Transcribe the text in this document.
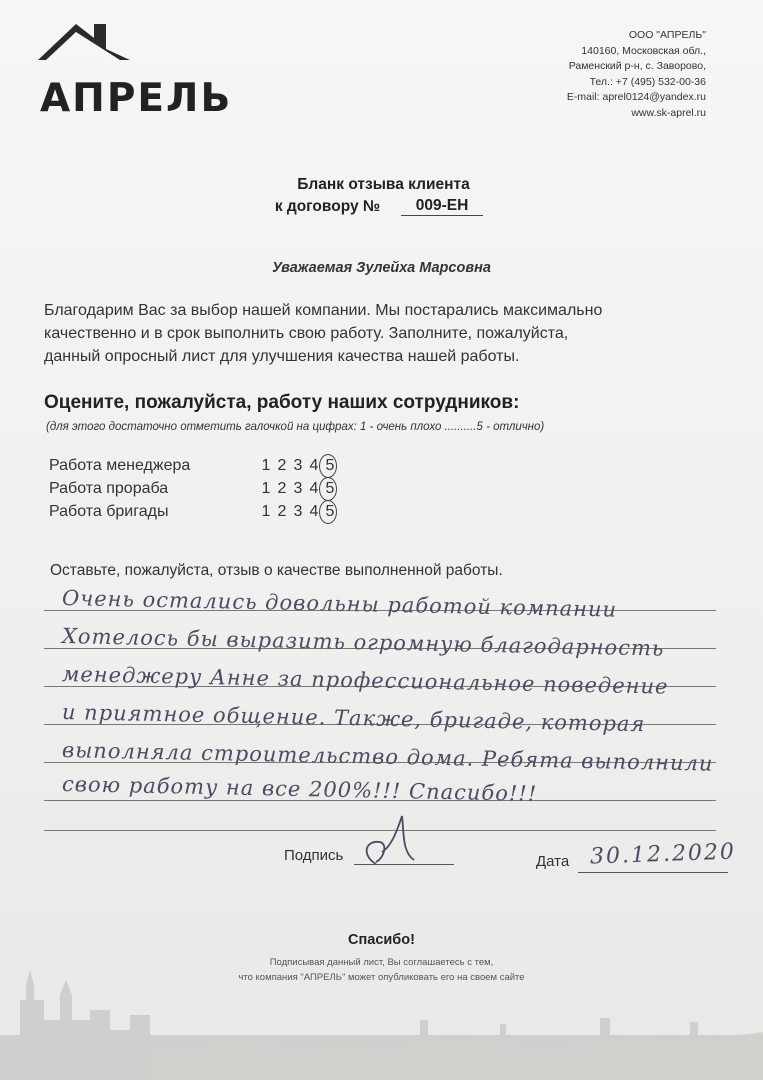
АПРЕЛЬ
ООО "АПРЕЛЬ"
140160, Московская обл.,
Раменский р-н, с. Заворово,
Тел.: +7 (495) 532-00-36
E-mail: aprel0124@yandex.ru
www.sk-aprel.ru
Бланк отзыва клиента
к договору №	009-ЕН
Уважаемая Зулейха Марсовна
Благодарим Вас за выбор нашей компании. Мы постарались максимально
качественно и в срок выполнить свою работу. Заполните, пожалуйста,
данный опросный лист для улучшения качества нашей работы.
Оцените, пожалуйста, работу наших сотрудников:
(для этого достаточно отметить галочкой на цифрах: 1 - очень плохо ..........5 - отлично)
Работа менеджера	1 2 3 4 5
Работа прораба	1 2 3 4 5
Работа бригады	1 2 3 4 5
Оставьте, пожалуйста, отзыв о качестве выполненной работы.
Очень остались довольны работой компании
Хотелось бы выразить огромную благодарность
менеджеру Анне за профессиональное поведение
и приятное общение. Также, бригаде, которая
выполняла строительство дома. Ребята выполнили
свою работу на все 200%!!! Спасибо!!!
Подпись	Дата 30.12.2020
Спасибо!
Подписывая данный лист, Вы соглашаетесь с тем,
что компания "АПРЕЛЬ" может опубликовать его на своем сайте
